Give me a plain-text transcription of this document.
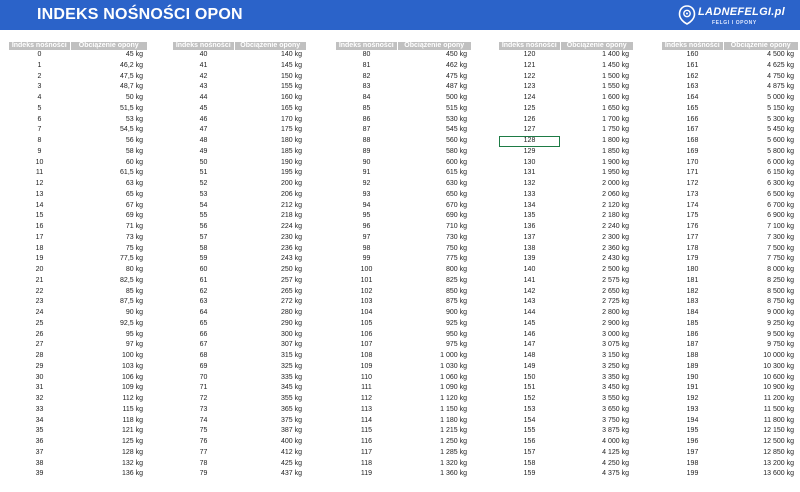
INDEKS NOŚNOŚCI OPON	LADNEFELGI.pl
FELGI I OPONY
Indeks nośności	Obciążenie opony
0	45 kg
1	46,2 kg
2	47,5 kg
3	48,7 kg
4	50 kg
5	51,5 kg
6	53 kg
7	54,5 kg
8	56 kg
9	58 kg
10	60 kg
11	61,5 kg
12	63 kg
13	65 kg
14	67 kg
15	69 kg
16	71 kg
17	73 kg
18	75 kg
19	77,5 kg
20	80 kg
21	82,5 kg
22	85 kg
23	87,5 kg
24	90 kg
25	92,5 kg
26	95 kg
27	97 kg
28	100 kg
29	103 kg
30	106 kg
31	109 kg
32	112 kg
33	115 kg
34	118 kg
35	121 kg
36	125 kg
37	128 kg
38	132 kg
39	136 kg
Indeks nośności	Obciążenie opony
40	140 kg
41	145 kg
42	150 kg
43	155 kg
44	160 kg
45	165 kg
46	170 kg
47	175 kg
48	180 kg
49	185 kg
50	190 kg
51	195 kg
52	200 kg
53	206 kg
54	212 kg
55	218 kg
56	224 kg
57	230 kg
58	236 kg
59	243 kg
60	250 kg
61	257 kg
62	265 kg
63	272 kg
64	280 kg
65	290 kg
66	300 kg
67	307 kg
68	315 kg
69	325 kg
70	335 kg
71	345 kg
72	355 kg
73	365 kg
74	375 kg
75	387 kg
76	400 kg
77	412 kg
78	425 kg
79	437 kg
Indeks nośności	Obciążenie opony
80	450 kg
81	462 kg
82	475 kg
83	487 kg
84	500 kg
85	515 kg
86	530 kg
87	545 kg
88	560 kg
89	580 kg
90	600 kg
91	615 kg
92	630 kg
93	650 kg
94	670 kg
95	690 kg
96	710 kg
97	730 kg
98	750 kg
99	775 kg
100	800 kg
101	825 kg
102	850 kg
103	875 kg
104	900 kg
105	925 kg
106	950 kg
107	975 kg
108	1 000 kg
109	1 030 kg
110	1 060 kg
111	1 090 kg
112	1 120 kg
113	1 150 kg
114	1 180 kg
115	1 215 kg
116	1 250 kg
117	1 285 kg
118	1 320 kg
119	1 360 kg
Indeks nośności	Obciążenie opony
120	1 400 kg
121	1 450 kg
122	1 500 kg
123	1 550 kg
124	1 600 kg
125	1 650 kg
126	1 700 kg
127	1 750 kg
128	1 800 kg
129	1 850 kg
130	1 900 kg
131	1 950 kg
132	2 000 kg
133	2 060 kg
134	2 120 kg
135	2 180 kg
136	2 240 kg
137	2 300 kg
138	2 360 kg
139	2 430 kg
140	2 500 kg
141	2 575 kg
142	2 650 kg
143	2 725 kg
144	2 800 kg
145	2 900 kg
146	3 000 kg
147	3 075 kg
148	3 150 kg
149	3 250 kg
150	3 350 kg
151	3 450 kg
152	3 550 kg
153	3 650 kg
154	3 750 kg
155	3 875 kg
156	4 000 kg
157	4 125 kg
158	4 250 kg
159	4 375 kg
Indeks nośności	Obciążenie opony
160	4 500 kg
161	4 625 kg
162	4 750 kg
163	4 875 kg
164	5 000 kg
165	5 150 kg
166	5 300 kg
167	5 450 kg
168	5 600 kg
169	5 800 kg
170	6 000 kg
171	6 150 kg
172	6 300 kg
173	6 500 kg
174	6 700 kg
175	6 900 kg
176	7 100 kg
177	7 300 kg
178	7 500 kg
179	7 750 kg
180	8 000 kg
181	8 250 kg
182	8 500 kg
183	8 750 kg
184	9 000 kg
185	9 250 kg
186	9 500 kg
187	9 750 kg
188	10 000 kg
189	10 300 kg
190	10 600 kg
191	10 900 kg
192	11 200 kg
193	11 500 kg
194	11 800 kg
195	12 150 kg
196	12 500 kg
197	12 850 kg
198	13 200 kg
199	13 600 kg
